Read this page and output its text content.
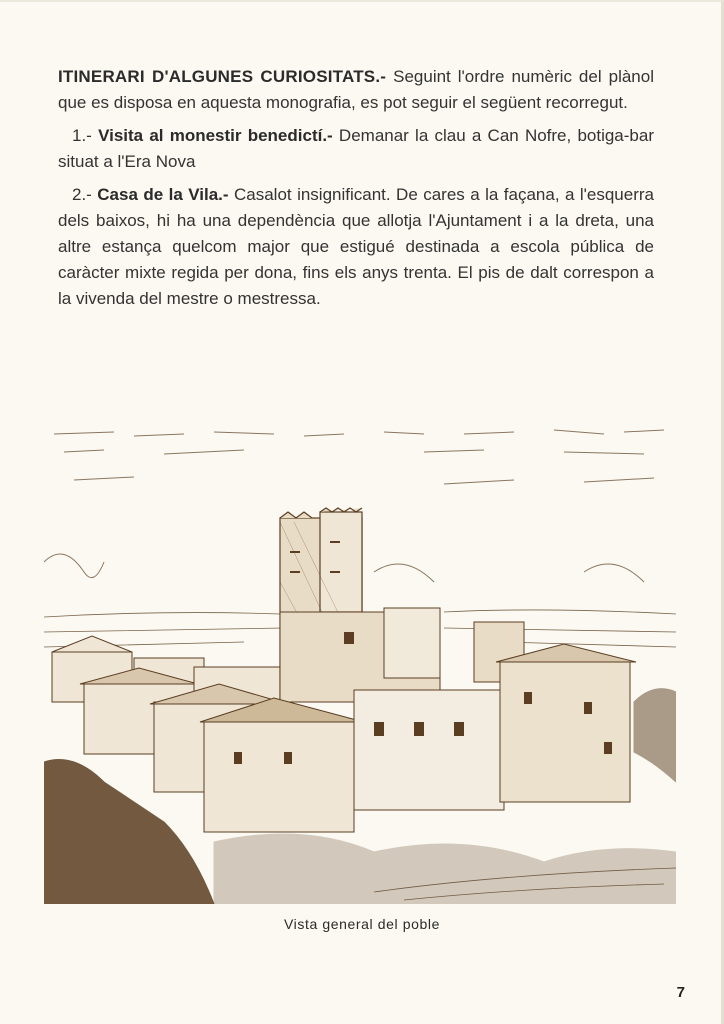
ITINERARI D'ALGUNES CURIOSITATS.- Seguint l'ordre numèric del plànol que es disposa en aquesta monografia, es pot seguir el següent recorregut.

1.- Visita al monestir benedictí.- Demanar la clau a Can Nofre, botiga-bar situat a l'Era Nova

2.- Casa de la Vila.- Casalot insignificant. De cares a la façana, a l'esquerra dels baixos, hi ha una dependència que allotja l'Ajuntament i a la dreta, una altre estança quelcom major que estigué destinada a escola pública de caràcter mixte regida per dona, fins els anys trenta. El pis de dalt correspon a la vivenda del mestre o mestressa.

Vista general del poble
7
